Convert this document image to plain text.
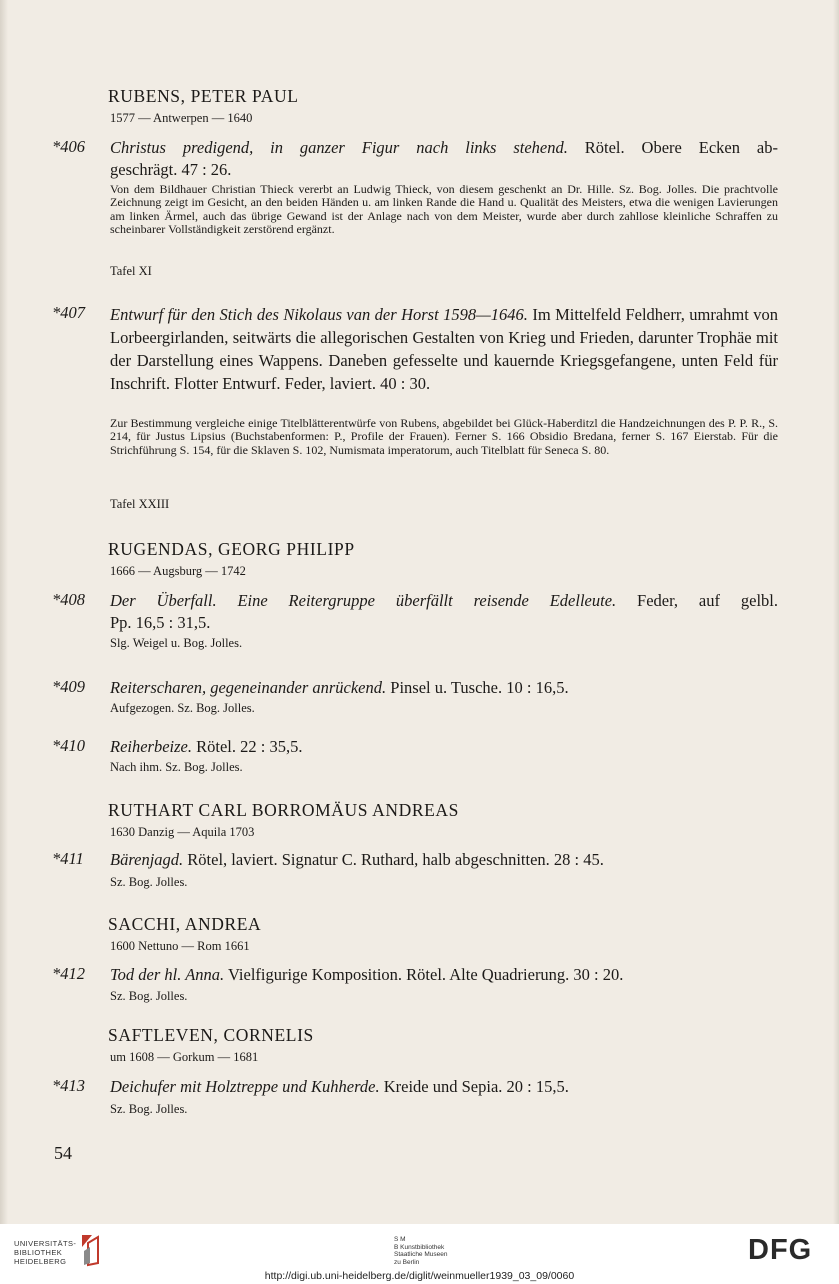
RUBENS, PETER PAUL
1577 — Antwerpen — 1640
*406 Christus predigend, in ganzer Figur nach links stehend. Rötel. Obere Ecken ab-
geschrägt. 47 : 26.
Von dem Bildhauer Christian Thieck vererbt an Ludwig Thieck, von diesem geschenkt an Dr. Hille. Sz. Bog. Jolles. Die prachtvolle Zeichnung zeigt im Gesicht, an den beiden Händen u. am linken Rande die Hand u. Qualität des Meisters, etwa die wenigen Lavierungen am linken Ärmel, auch das übrige Gewand ist der Anlage nach von dem Meister, wurde aber durch zahllose kleinliche Schraffen zu scheinbarer Vollständigkeit zerstörend ergänzt.
Tafel XI
*407 Entwurf für den Stich des Nikolaus van der Horst 1598—1646. Im Mittelfeld Feldherr, umrahmt von Lorbeergirlanden, seitwärts die allegorischen Gestalten von Krieg und Frieden, darunter Trophäe mit der Darstellung eines Wappens. Daneben gefesselte und kauernde Kriegsgefangene, unten Feld für Inschrift. Flotter Entwurf. Feder, laviert. 40 : 30.
Zur Bestimmung vergleiche einige Titelblätterentwürfe von Rubens, abgebildet bei Glück-Haberditzl die Handzeichnungen des P. P. R., S. 214, für Justus Lipsius (Buchstabenformen: P., Profile der Frauen). Ferner S. 166 Obsidio Bredana, ferner S. 167 Eierstab. Für die Strichführung S. 154, für die Sklaven S. 102, Numismata imperatorum, auch Titelblatt für Seneca S. 80.
Tafel XXIII
RUGENDAS, GEORG PHILIPP
1666 — Augsburg — 1742
*408 Der Überfall. Eine Reitergruppe überfällt reisende Edelleute. Feder, auf gelbl.
Pp. 16,5 : 31,5.
Slg. Weigel u. Bog. Jolles.
*409 Reiterscharen, gegeneinander anrückend. Pinsel u. Tusche. 10 : 16,5.
Aufgezogen. Sz. Bog. Jolles.
*410 Reiherbeize. Rötel. 22 : 35,5.
Nach ihm. Sz. Bog. Jolles.
RUTHART CARL BORROMÄUS ANDREAS
1630 Danzig — Aquila 1703
*411 Bärenjagd. Rötel, laviert. Signatur C. Ruthard, halb abgeschnitten. 28 : 45.
Sz. Bog. Jolles.
SACCHI, ANDREA
1600 Nettuno — Rom 1661
*412 Tod der hl. Anna. Vielfigurige Komposition. Rötel. Alte Quadrierung. 30 : 20.
Sz. Bog. Jolles.
SAFTLEVEN, CORNELIS
um 1608 — Gorkum — 1681
*413 Deichufer mit Holztreppe und Kuhherde. Kreide und Sepia. 20 : 15,5.
Sz. Bog. Jolles.
54
UNIVERSITÄTS-
BIBLIOTHEK
HEIDELBERG
S M
B Kunstbibliothek
Staatliche Museen
zu Berlin	DFG
http://digi.ub.uni-heidelberg.de/diglit/weinmueller1939_03_09/0060
